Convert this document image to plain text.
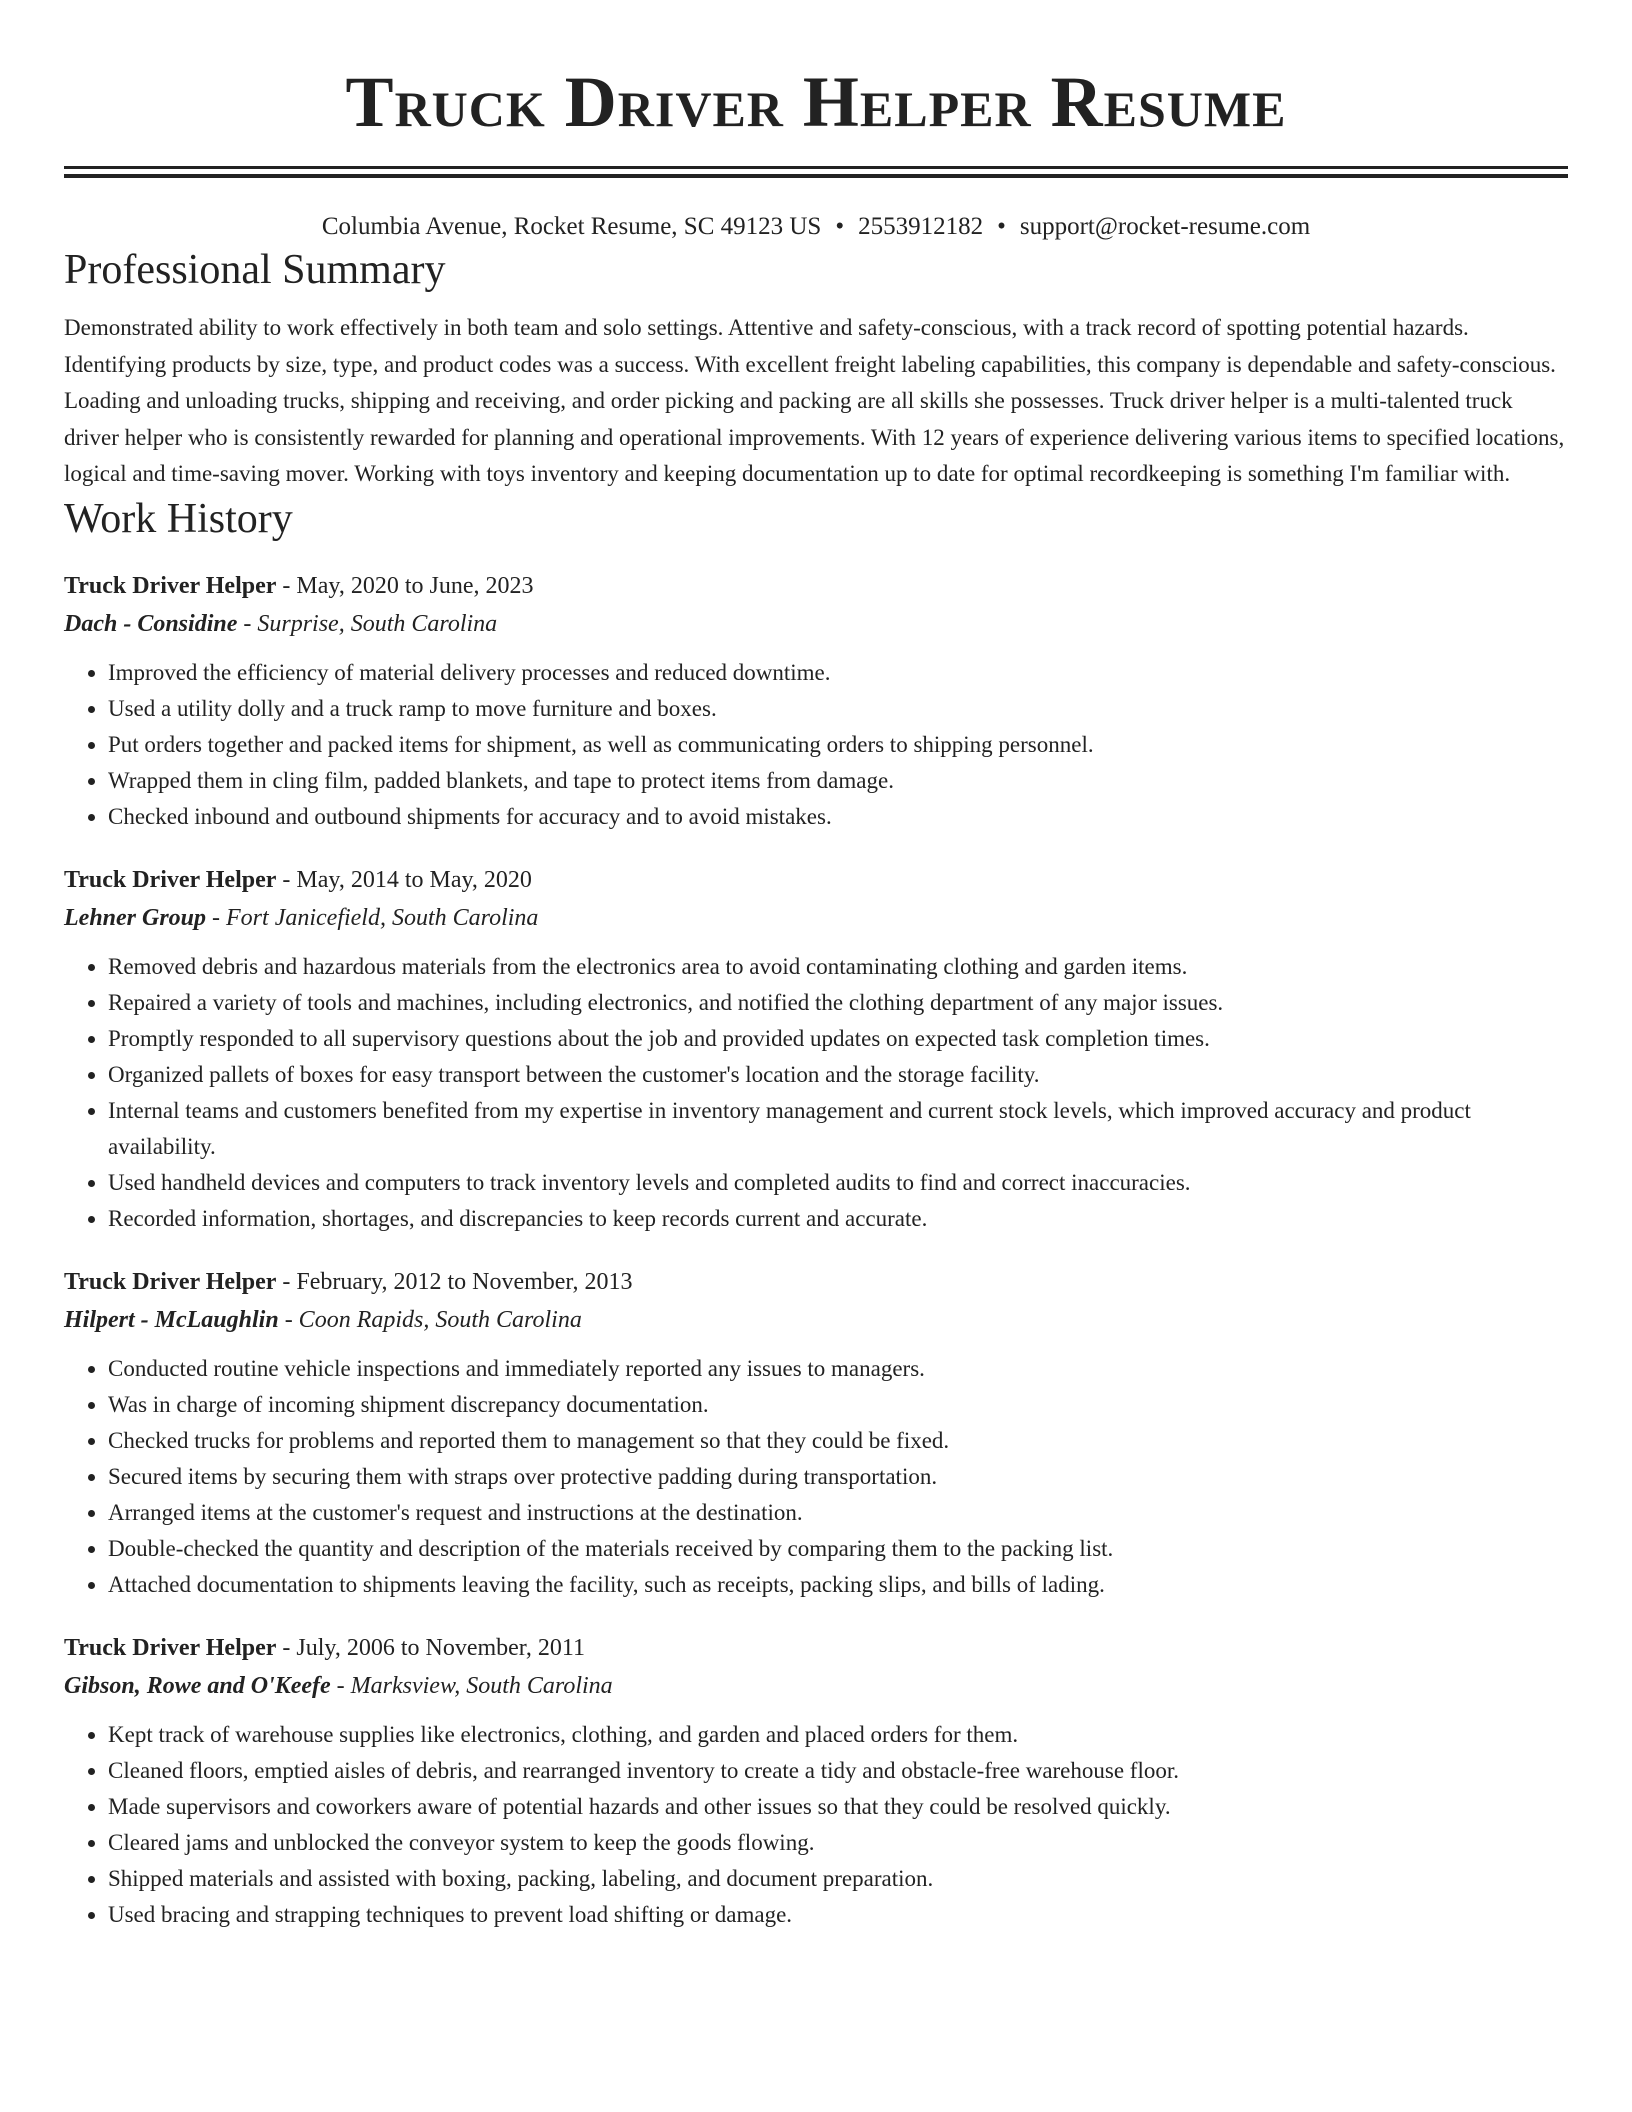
Truck Driver Helper Resume
Columbia Avenue, Rocket Resume, SC 49123 US • 2553912182 • support@rocket-resume.com
Professional Summary

Demonstrated ability to work effectively in both team and solo settings. Attentive and safety-conscious, with a track record of spotting potential hazards. Identifying products by size, type, and product codes was a success. With excellent freight labeling capabilities, this company is dependable and safety-conscious. Loading and unloading trucks, shipping and receiving, and order picking and packing are all skills she possesses. Truck driver helper is a multi-talented truck driver helper who is consistently rewarded for planning and operational improvements. With 12 years of experience delivering various items to specified locations, logical and time-saving mover. Working with toys inventory and keeping documentation up to date for optimal recordkeeping is something I'm familiar with.

Work History
Truck Driver Helper - May, 2020 to June, 2023
Dach - Considine - Surprise, South Carolina
• Improved the efficiency of material delivery processes and reduced downtime.
• Used a utility dolly and a truck ramp to move furniture and boxes.
• Put orders together and packed items for shipment, as well as communicating orders to shipping personnel.
• Wrapped them in cling film, padded blankets, and tape to protect items from damage.
• Checked inbound and outbound shipments for accuracy and to avoid mistakes.
Truck Driver Helper - May, 2014 to May, 2020
Lehner Group - Fort Janicefield, South Carolina
• Removed debris and hazardous materials from the electronics area to avoid contaminating clothing and garden items.
• Repaired a variety of tools and machines, including electronics, and notified the clothing department of any major issues.
• Promptly responded to all supervisory questions about the job and provided updates on expected task completion times.
• Organized pallets of boxes for easy transport between the customer's location and the storage facility.
• Internal teams and customers benefited from my expertise in inventory management and current stock levels, which improved accuracy and product availability.
• Used handheld devices and computers to track inventory levels and completed audits to find and correct inaccuracies.
• Recorded information, shortages, and discrepancies to keep records current and accurate.
Truck Driver Helper - February, 2012 to November, 2013
Hilpert - McLaughlin - Coon Rapids, South Carolina
• Conducted routine vehicle inspections and immediately reported any issues to managers.
• Was in charge of incoming shipment discrepancy documentation.
• Checked trucks for problems and reported them to management so that they could be fixed.
• Secured items by securing them with straps over protective padding during transportation.
• Arranged items at the customer's request and instructions at the destination.
• Double-checked the quantity and description of the materials received by comparing them to the packing list.
• Attached documentation to shipments leaving the facility, such as receipts, packing slips, and bills of lading.
Truck Driver Helper - July, 2006 to November, 2011
Gibson, Rowe and O'Keefe - Marksview, South Carolina
• Kept track of warehouse supplies like electronics, clothing, and garden and placed orders for them.
• Cleaned floors, emptied aisles of debris, and rearranged inventory to create a tidy and obstacle-free warehouse floor.
• Made supervisors and coworkers aware of potential hazards and other issues so that they could be resolved quickly.
• Cleared jams and unblocked the conveyor system to keep the goods flowing.
• Shipped materials and assisted with boxing, packing, labeling, and document preparation.
• Used bracing and strapping techniques to prevent load shifting or damage.
